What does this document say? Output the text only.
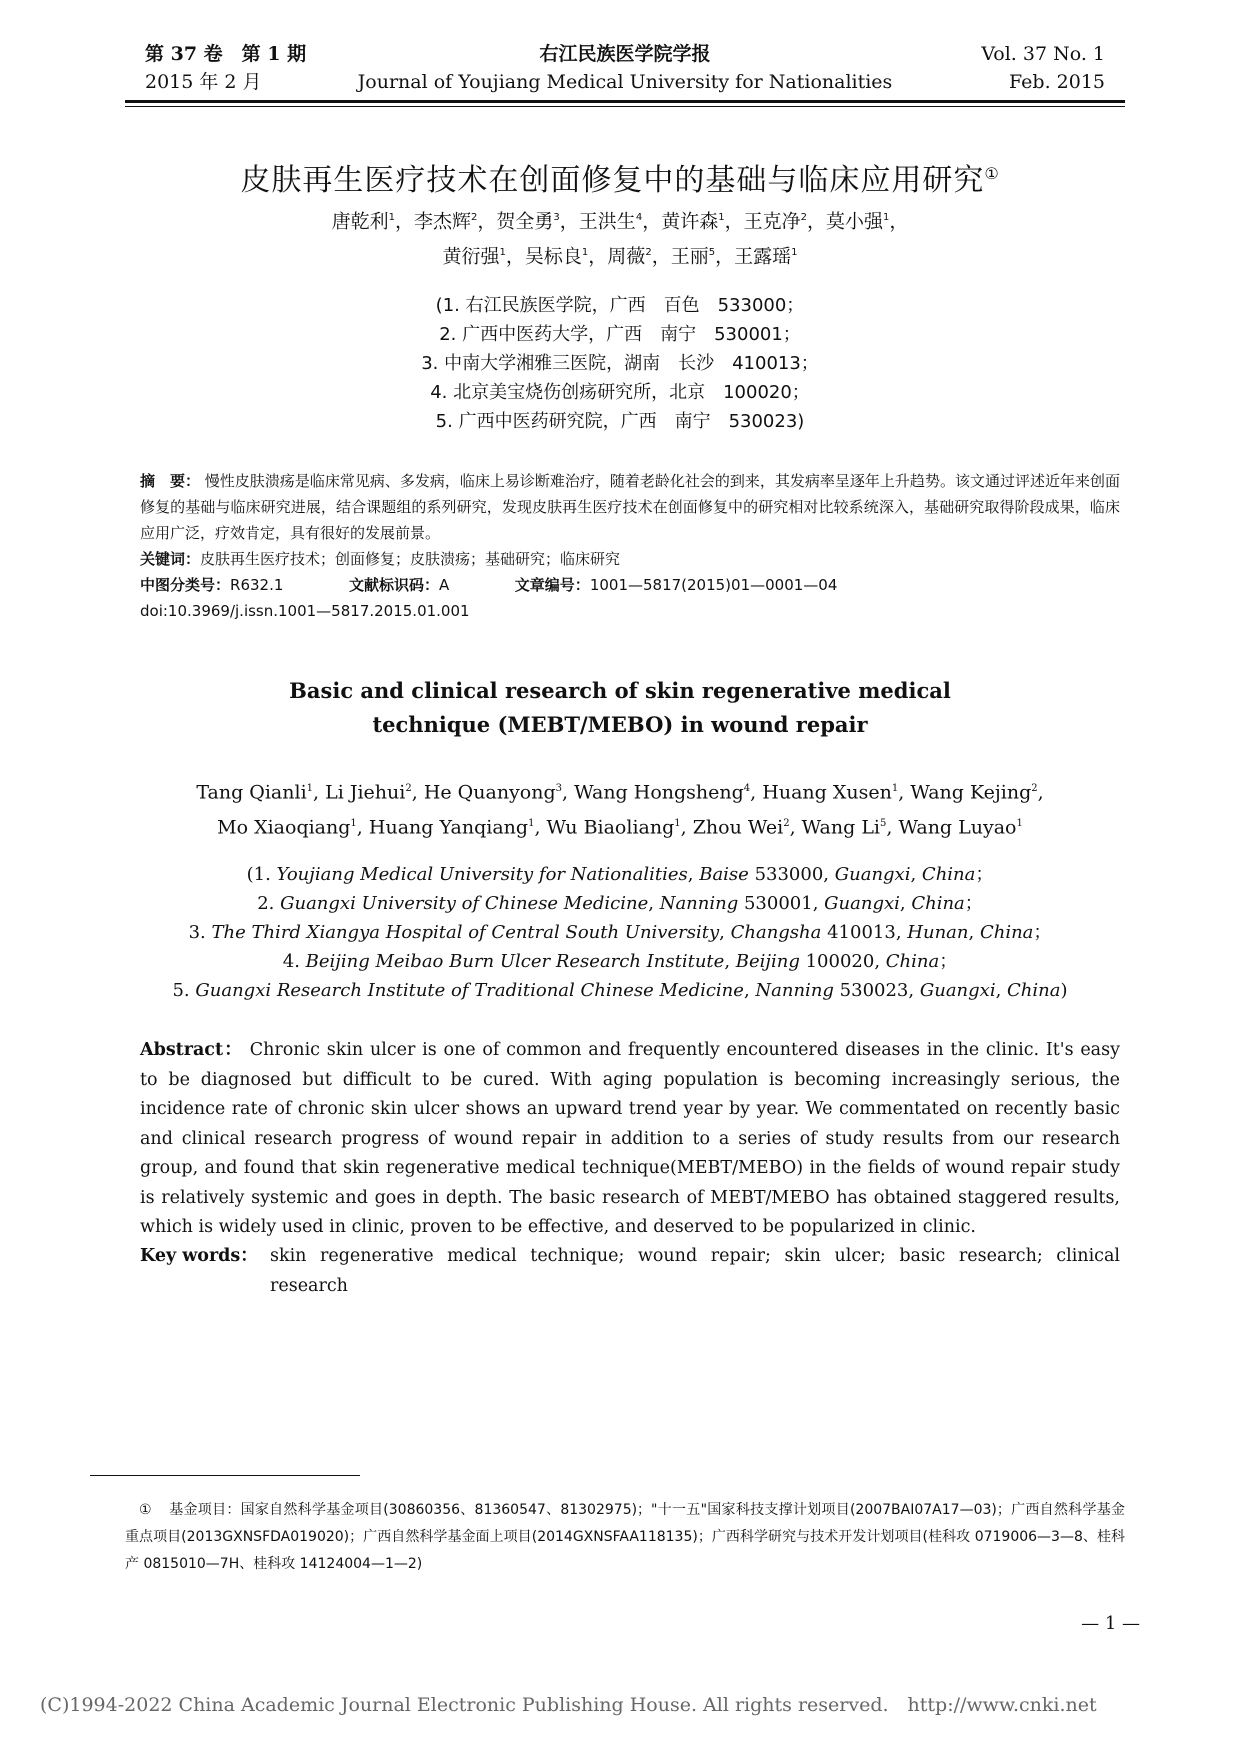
第 37 卷　第 1 期
2015 年 2 月
右江民族医学院学报
Journal of Youjiang Medical University for Nationalities
Vol. 37 No. 1
Feb. 2015
皮肤再生医疗技术在创面修复中的基础与临床应用研究①
唐乾利$^1$，李杰辉$^2$，贺全勇$^3$，王洪生$^4$，黄许森$^1$，王克净$^2$，莫小强$^1$，
黄衍强$^1$，吴标良$^1$，周薇$^2$，王丽$^5$，王露瑶$^1$
(1. 右江民族医学院，广西　百色　533000；
2. 广西中医药大学，广西　南宁　530001；
3. 中南大学湘雅三医院，湖南　长沙　410013；
4. 北京美宝烧伤创疡研究所，北京　100020；
5. 广西中医药研究院，广西　南宁　530023)
摘　要： 慢性皮肤溃疡是临床常见病、多发病，临床上易诊断难治疗，随着老龄化社会的到来，其发病率呈逐年上升趋势。该文通过评述近年来创面修复的基础与临床研究进展，结合课题组的系列研究，发现皮肤再生医疗技术在创面修复中的研究相对比较系统深入，基础研究取得阶段成果，临床应用广泛，疗效肯定，具有很好的发展前景。
关键词：皮肤再生医疗技术；创面修复；皮肤溃疡；基础研究；临床研究
中图分类号：R632.1	文献标识码：A	文章编号：1001—5817(2015)01—0001—04
doi:10.3969/j.issn.1001—5817.2015.01.001
Basic and clinical research of skin regenerative medical
technique (MEBT/MEBO) in wound repair
Tang Qianli$^1$, Li Jiehui$^2$, He Quanyong$^3$, Wang Hongsheng$^4$, Huang Xusen$^1$, Wang Kejing$^2$,
Mo Xiaoqiang$^1$, Huang Yanqiang$^1$, Wu Biaoliang$^1$, Zhou Wei$^2$, Wang Li$^5$, Wang Luyao$^1$
(1. Youjiang Medical University for Nationalities, Baise 533000, Guangxi, China；
2. Guangxi University of Chinese Medicine, Nanning 530001, Guangxi, China；
3. The Third Xiangya Hospital of Central South University, Changsha 410013, Hunan, China；
4. Beijing Meibao Burn Ulcer Research Institute, Beijing 100020, China；
5. Guangxi Research Institute of Traditional Chinese Medicine, Nanning 530023, Guangxi, China)
Abstract： Chronic skin ulcer is one of common and frequently encountered diseases in the clinic. It's easy to be diagnosed but difficult to be cured. With aging population is becoming increasingly serious, the incidence rate of chronic skin ulcer shows an upward trend year by year. We commentated on recently basic and clinical research progress of wound repair in addition to a series of study results from our research group, and found that skin regenerative medical technique(MEBT/MEBO) in the fields of wound repair study is relatively systemic and goes in depth. The basic research of MEBT/MEBO has obtained staggered results, which is widely used in clinic, proven to be effective, and deserved to be popularized in clinic.
Key words： skin regenerative medical technique; wound repair; skin ulcer; basic research; clinical research
① 基金项目：国家自然科学基金项目(30860356、81360547、81302975)；"十一五"国家科技支撑计划项目(2007BAI07A17—03)；广西自然科学基金重点项目(2013GXNSFDA019020)；广西自然科学基金面上项目(2014GXNSFAA118135)；广西科学研究与技术开发计划项目(桂科攻 0719006—3—8、桂科产 0815010—7H、桂科攻 14124004—1—2)
— 1 —
(C)1994-2022 China Academic Journal Electronic Publishing House. All rights reserved.　http://www.cnki.net
